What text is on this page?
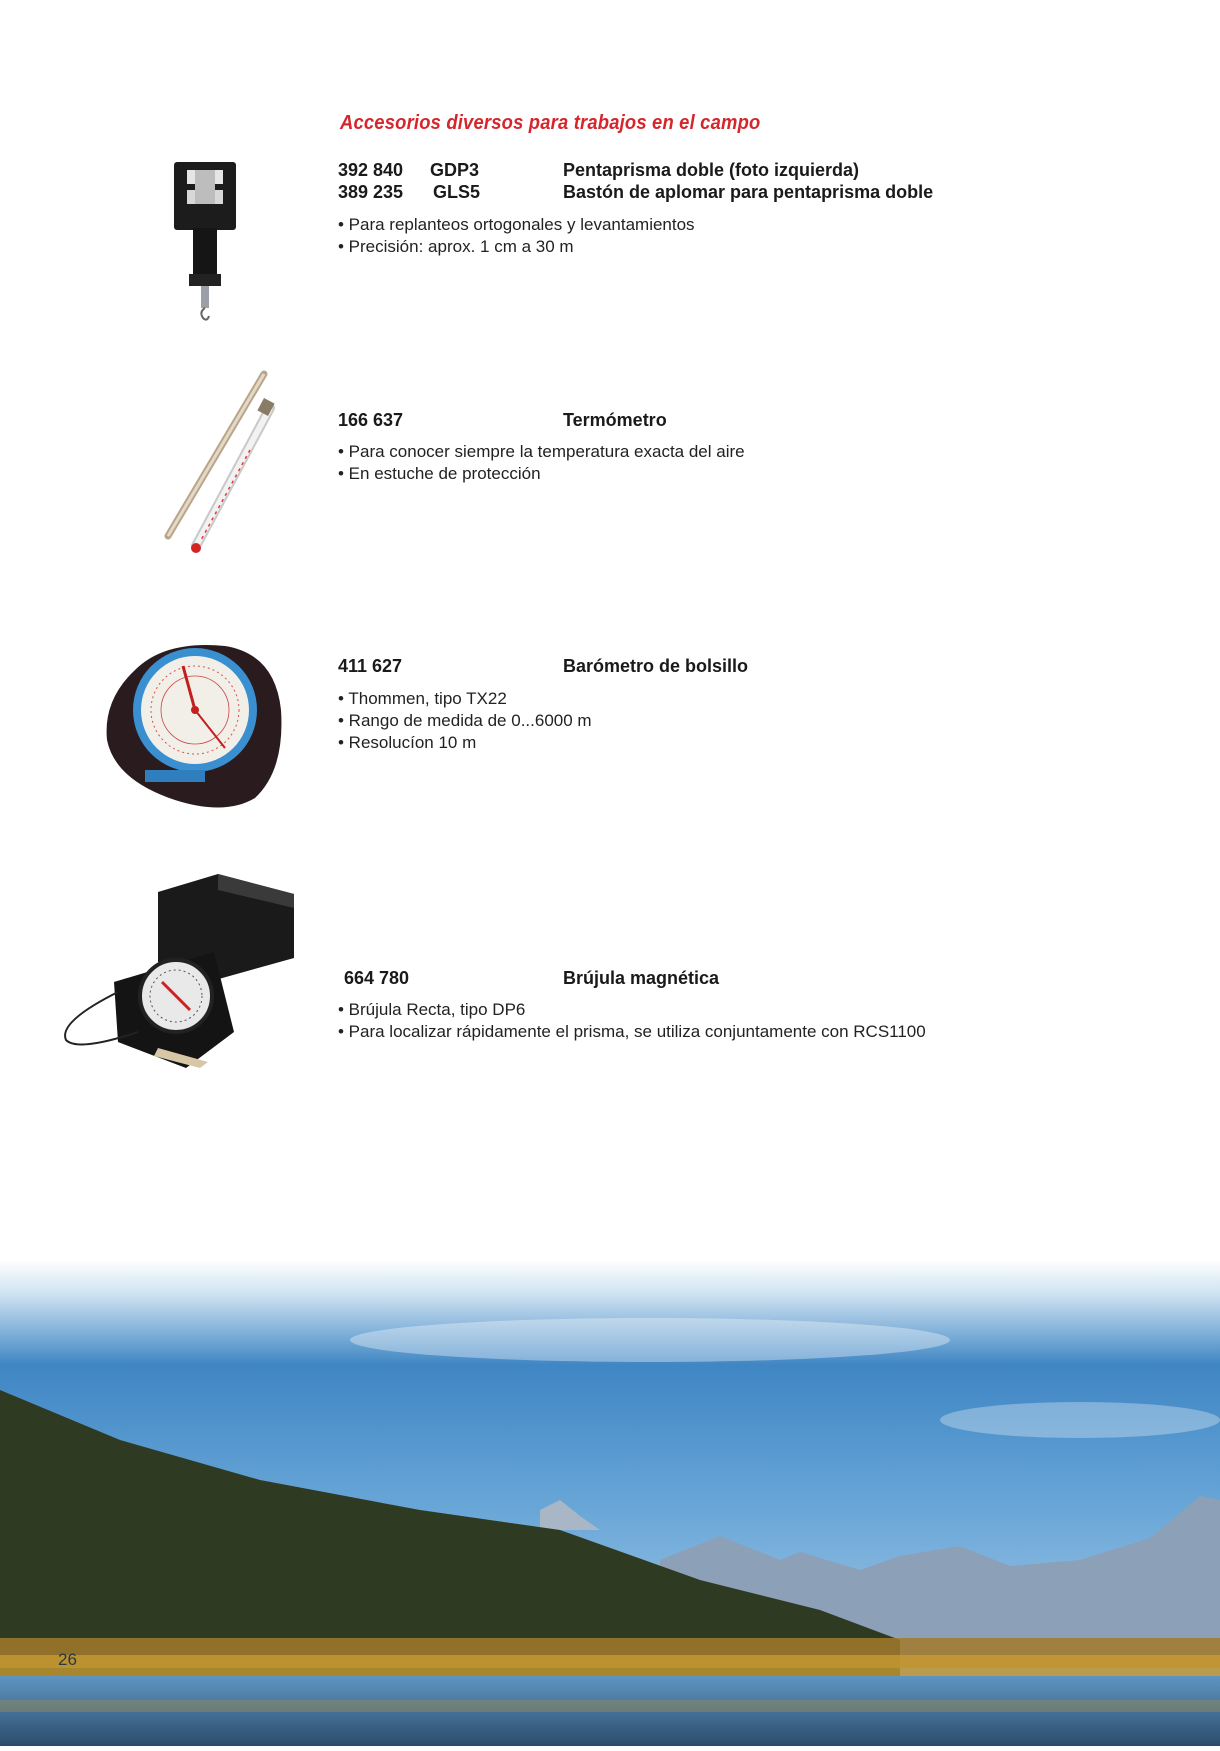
Accesorios diversos para trabajos en el campo
392 840 GDP3	Pentaprisma doble (foto izquierda)
389 235 GLS5	Bastón de aplomar para pentaprisma doble
• Para replanteos ortogonales y levantamientos
• Precisión: aprox. 1 cm a 30 m
166 637	Termómetro
• Para conocer siempre la temperatura exacta del aire
• En estuche de protección
411 627	Barómetro de bolsillo
• Thommen, tipo TX22
• Rango de medida de 0...6000 m
• Resolucíon 10 m
664 780	Brújula magnética
• Brújula Recta, tipo DP6
• Para localizar rápidamente el prisma, se utiliza conjuntamente con RCS1100
26
